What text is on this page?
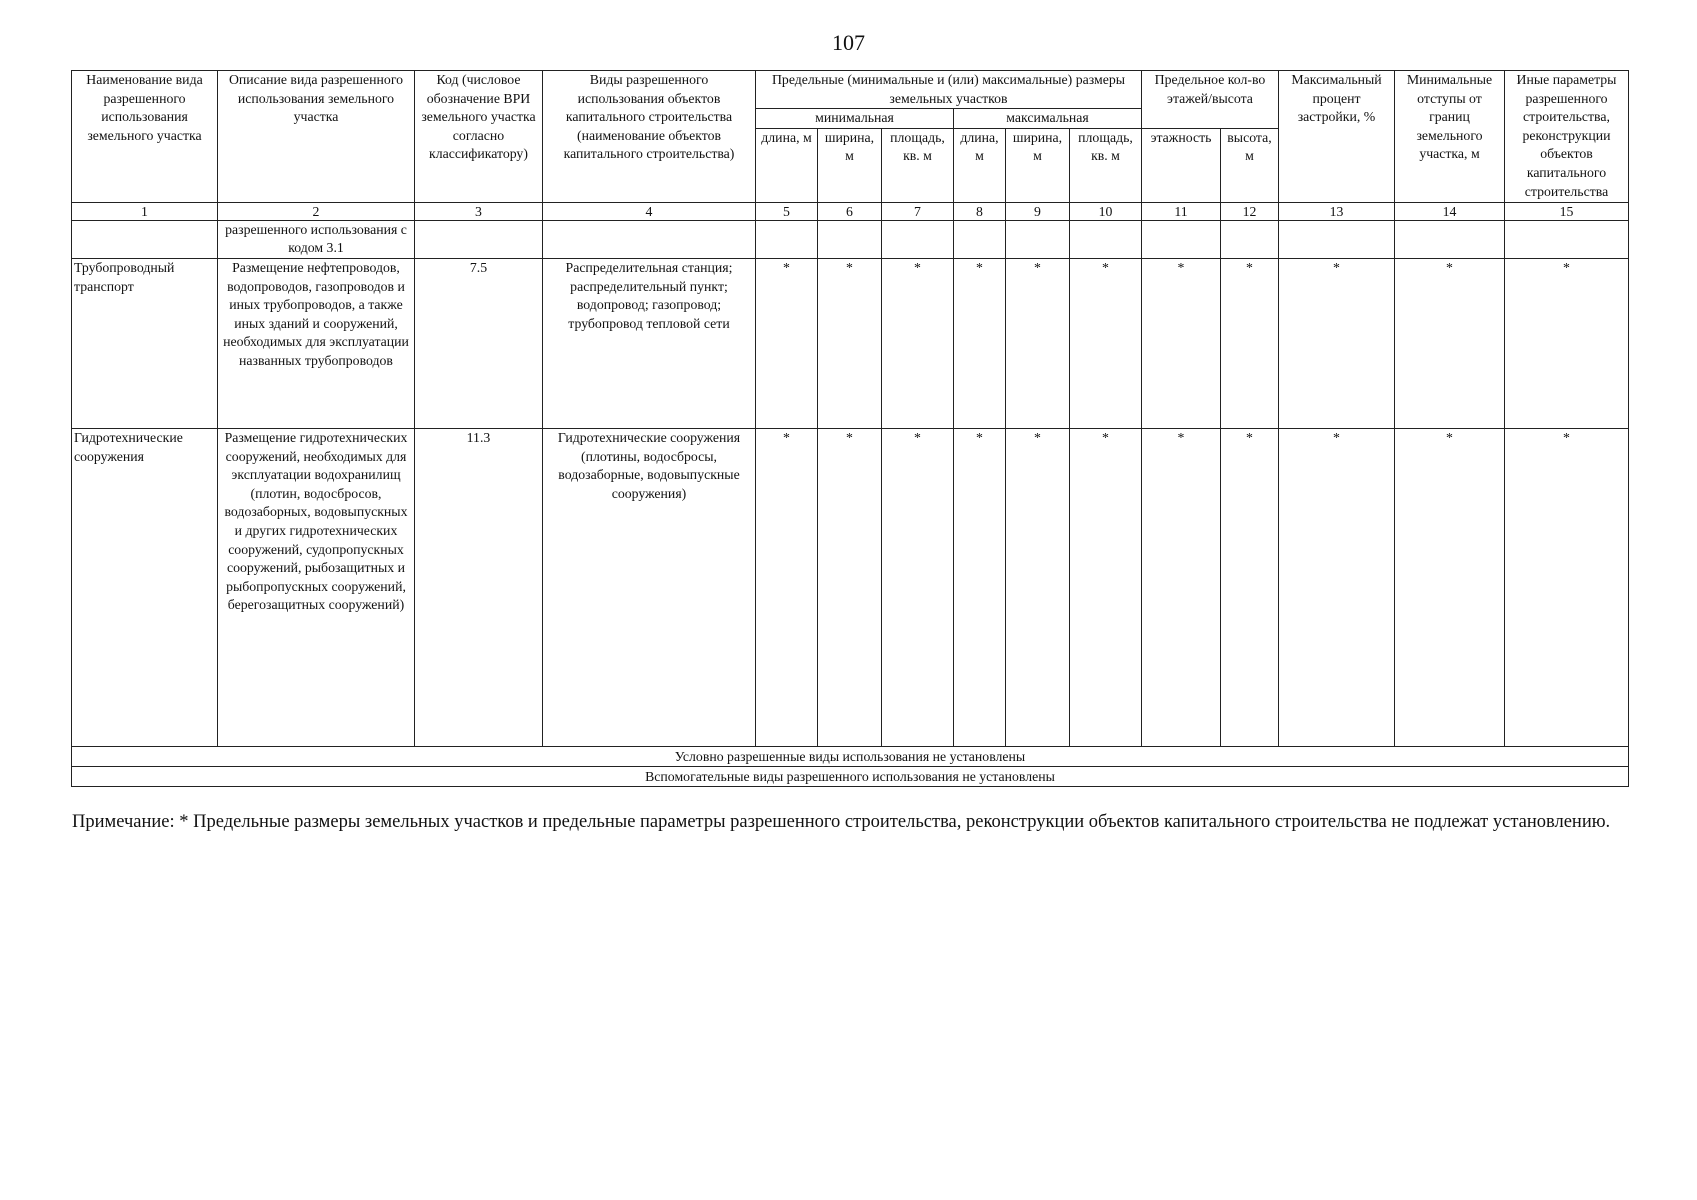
107
Наименование вида разрешенного использования земельного участка	Описание вида разрешенного использования земельного участка	Код (числовое обозначение ВРИ земельного участка согласно классификатору)	Виды разрешенного использования объектов капитального строительства (наименование объектов капитального строительства)	Предельные (минимальные и (или) максимальные) размеры земельных участков						Предельное кол-во этажей/высота		Максимальный процент застройки, %	Минимальные отступы от границ земельного участка, м	Иные параметры разрешенного строительства, реконструкции объектов капитального строительства
				минимальная			максимальная							
				длина, м	ширина, м	площадь, кв. м	длина, м	ширина, м	площадь, кв. м	этажность	высота, м			
1	2	3	4	5	6	7	8	9	10	11	12	13	14	15
	разрешенного использования с кодом 3.1													
Трубопроводный транспорт	Размещение нефтепроводов, водопроводов, газопроводов и иных трубопроводов, а также иных зданий и сооружений, необходимых для эксплуатации названных трубопроводов	7.5	Распределительная станция; распределительный пункт; водопровод; газопровод; трубопровод тепловой сети	*	*	*	*	*	*	*	*	*	*	*
Гидротехнические сооружения	Размещение гидротехнических сооружений, необходимых для эксплуатации водохранилищ (плотин, водосбросов, водозаборных, водовыпускных и других гидротехнических сооружений, судопропускных сооружений, рыбозащитных и рыбопропускных сооружений, берегозащитных сооружений)	11.3	Гидротехнические сооружения (плотины, водосбросы, водозаборные, водовыпускные сооружения)	*	*	*	*	*	*	*	*	*	*	*
Условно разрешенные виды использования не установлены														
Вспомогательные виды разрешенного использования не установлены														
Примечание: * Предельные размеры земельных участков и предельные параметры разрешенного строительства, реконструкции объектов капитального строительства не подлежат установлению.
